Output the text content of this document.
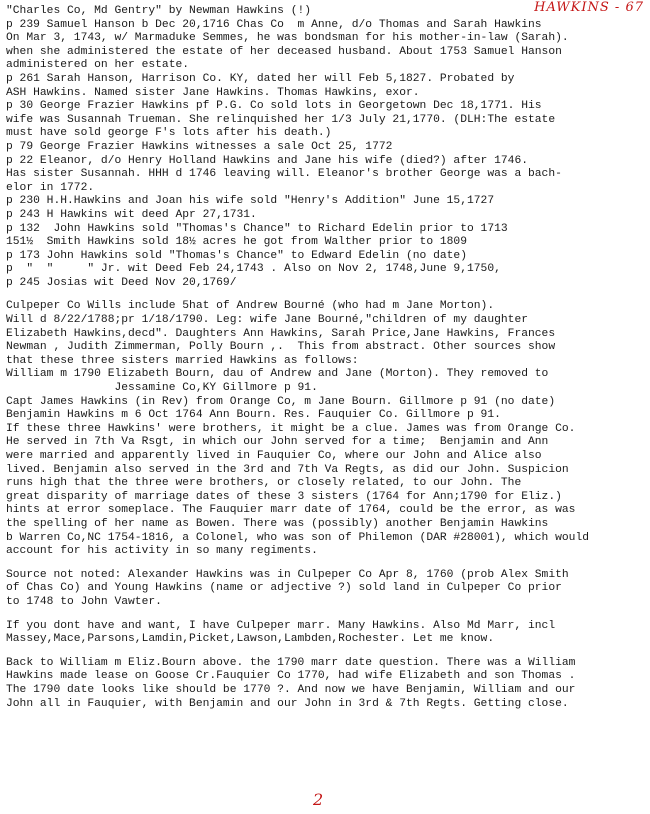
HAWKINS - 67
"Charles Co, Md Gentry" by Newman Hawkins (!)
p 239 Samuel Hanson b Dec 20,1716 Chas Co  m Anne, d/o Thomas and Sarah Hawkins
On Mar 3, 1743, w/ Marmaduke Semmes, he was bondsman for his mother-in-law (Sarah).
when she administered the estate of her deceased husband. About 1753 Samuel Hanson
administered on her estate.
p 261 Sarah Hanson, Harrison Co. KY, dated her will Feb 5,1827. Probated by
ASH Hawkins. Named sister Jane Hawkins. Thomas Hawkins, exor.
p 30 George Frazier Hawkins pf P.G. Co sold lots in Georgetown Dec 18,1771. His
wife was Susannah Trueman. She relinquished her 1/3 July 21,1770. (DLH:The estate
must have sold george F's lots after his death.)
p 79 George Frazier Hawkins witnesses a sale Oct 25, 1772
p 22 Eleanor, d/o Henry Holland Hawkins and Jane his wife (died?) after 1746.
Has sister Susannah. HHH d 1746 leaving will. Eleanor's brother George was a bach-
elor in 1772.
p 230 H.H.Hawkins and Joan his wife sold "Henry's Addition" June 15,1727
p 243 H Hawkins wit deed Apr 27,1731.
p 132  John Hawkins sold "Thomas's Chance" to Richard Edelin prior to 1713
151½  Smith Hawkins sold 18½ acres he got from Walther prior to 1809
p 173 John Hawkins sold "Thomas's Chance" to Edward Edelin (no date)
p  "  "     " Jr. wit Deed Feb 24,1743 . Also on Nov 2, 1748,June 9,1750,
p 245 Josias wit Deed Nov 20,1769/
Culpeper Co Wills include 5hat of Andrew Bourné (who had m Jane Morton).
Will d 8/22/1788;pr 1/18/1790. Leg: wife Jane Bourné,"children of my daughter
Elizabeth Hawkins,decd". Daughters Ann Hawkins, Sarah Price,Jane Hawkins, Frances
Newman , Judith Zimmerman, Polly Bourn ,.  This from abstract. Other sources show
that these three sisters married Hawkins as follows:
William m 1790 Elizabeth Bourn, dau of Andrew and Jane (Morton). They removed to
Jessamine Co,KY Gillmore p 91.
Capt James Hawkins (in Rev) from Orange Co, m Jane Bourn. Gillmore p 91 (no date)
Benjamin Hawkins m 6 Oct 1764 Ann Bourn. Res. Fauquier Co. Gillmore p 91.
If these three Hawkins' were brothers, it might be a clue. James was from Orange Co.
He served in 7th Va Rsgt, in which our John served for a time;  Benjamin and Ann
were married and apparently lived in Fauquier Co, where our John and Alice also
lived. Benjamin also served in the 3rd and 7th Va Regts, as did our John. Suspicion
runs high that the three were brothers, or closely related, to our John. The
great disparity of marriage dates of these 3 sisters (1764 for Ann;1790 for Eliz.)
hints at error someplace. The Fauquier marr date of 1764, could be the error, as was
the spelling of her name as Bowen. There was (possibly) another Benjamin Hawkins
b Warren Co,NC 1754-1816, a Colonel, who was son of Philemon (DAR #28001), which would
account for his activity in so many regiments.
Source not noted: Alexander Hawkins was in Culpeper Co Apr 8, 1760 (prob Alex Smith
of Chas Co) and Young Hawkins (name or adjective ?) sold land in Culpeper Co prior
to 1748 to John Vawter.
If you dont have and want, I have Culpeper marr. Many Hawkins. Also Md Marr, incl
Massey,Mace,Parsons,Lamdin,Picket,Lawson,Lambden,Rochester. Let me know.
Back to William m Eliz.Bourn above. the 1790 marr date question. There was a William
Hawkins made lease on Goose Cr.Fauquier Co 1770, had wife Elizabeth and son Thomas .
The 1790 date looks like should be 1770 ?. And now we have Benjamin, William and our
John all in Fauquier, with Benjamin and our John in 3rd & 7th Regts. Getting close.
2
